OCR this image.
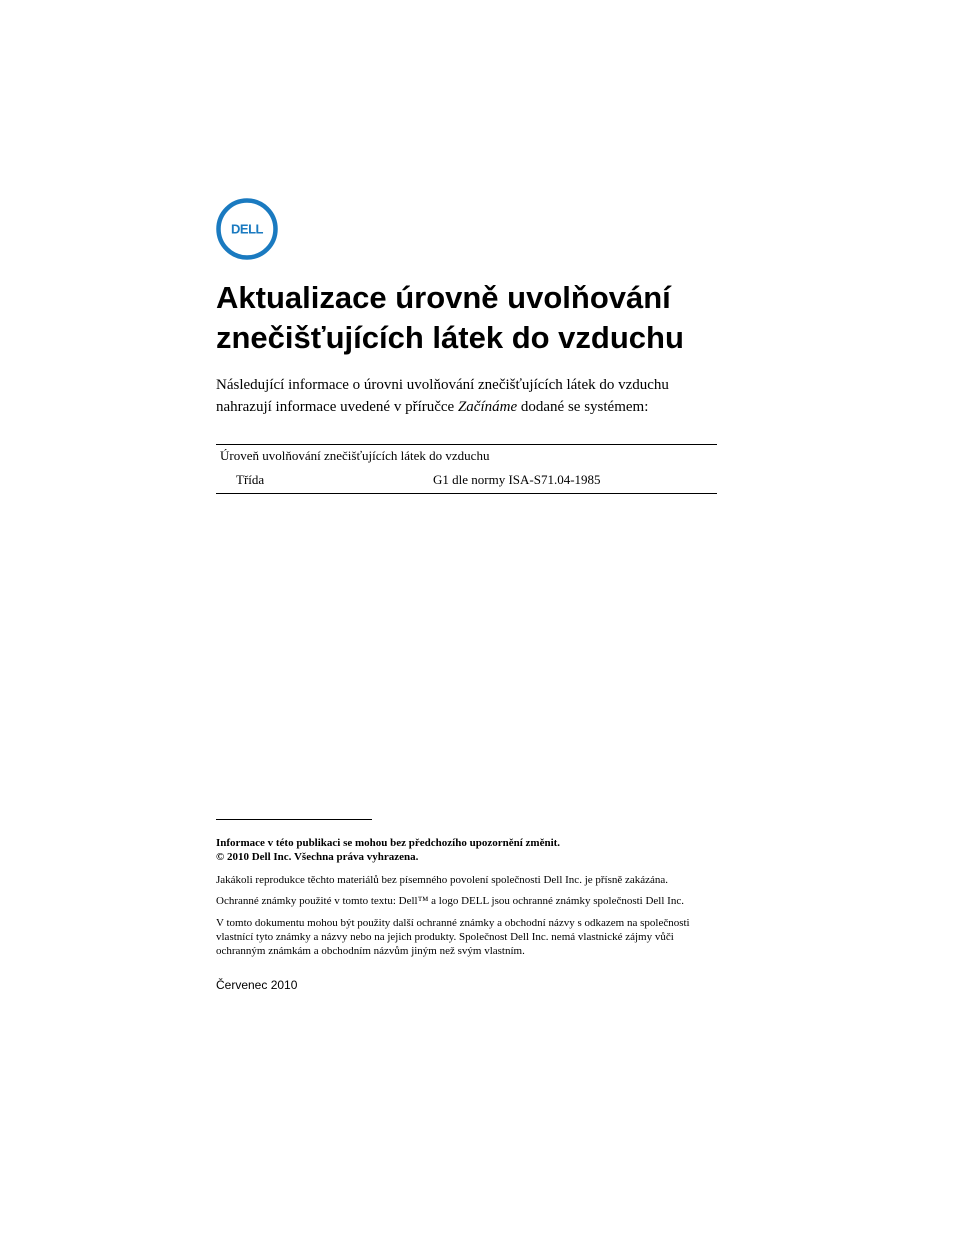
DELL
Aktualizace úrovně uvolňování
znečišťujících látek do vzduchu

Následující informace o úrovni uvolňování znečišťujících látek do vzduchu
nahrazují informace uvedené v příručce Začínáme dodané se systémem:

Úroveň uvolňování znečišťujících látek do vzduchu
Třída	G1 dle normy ISA-S71.04-1985
Informace v této publikaci se mohou bez předchozího upozornění změnit.
© 2010 Dell Inc. Všechna práva vyhrazena.
Jakákoli reprodukce těchto materiálů bez písemného povolení společnosti Dell Inc. je přísně zakázána.
Ochranné známky použité v tomto textu: Dell™ a logo DELL jsou ochranné známky společnosti Dell Inc.
V tomto dokumentu mohou být použity další ochranné známky a obchodní názvy s odkazem na společnosti
vlastnící tyto známky a názvy nebo na jejich produkty. Společnost Dell Inc. nemá vlastnické zájmy vůči
ochranným známkám a obchodním názvům jiným než svým vlastním.
Červenec 2010
